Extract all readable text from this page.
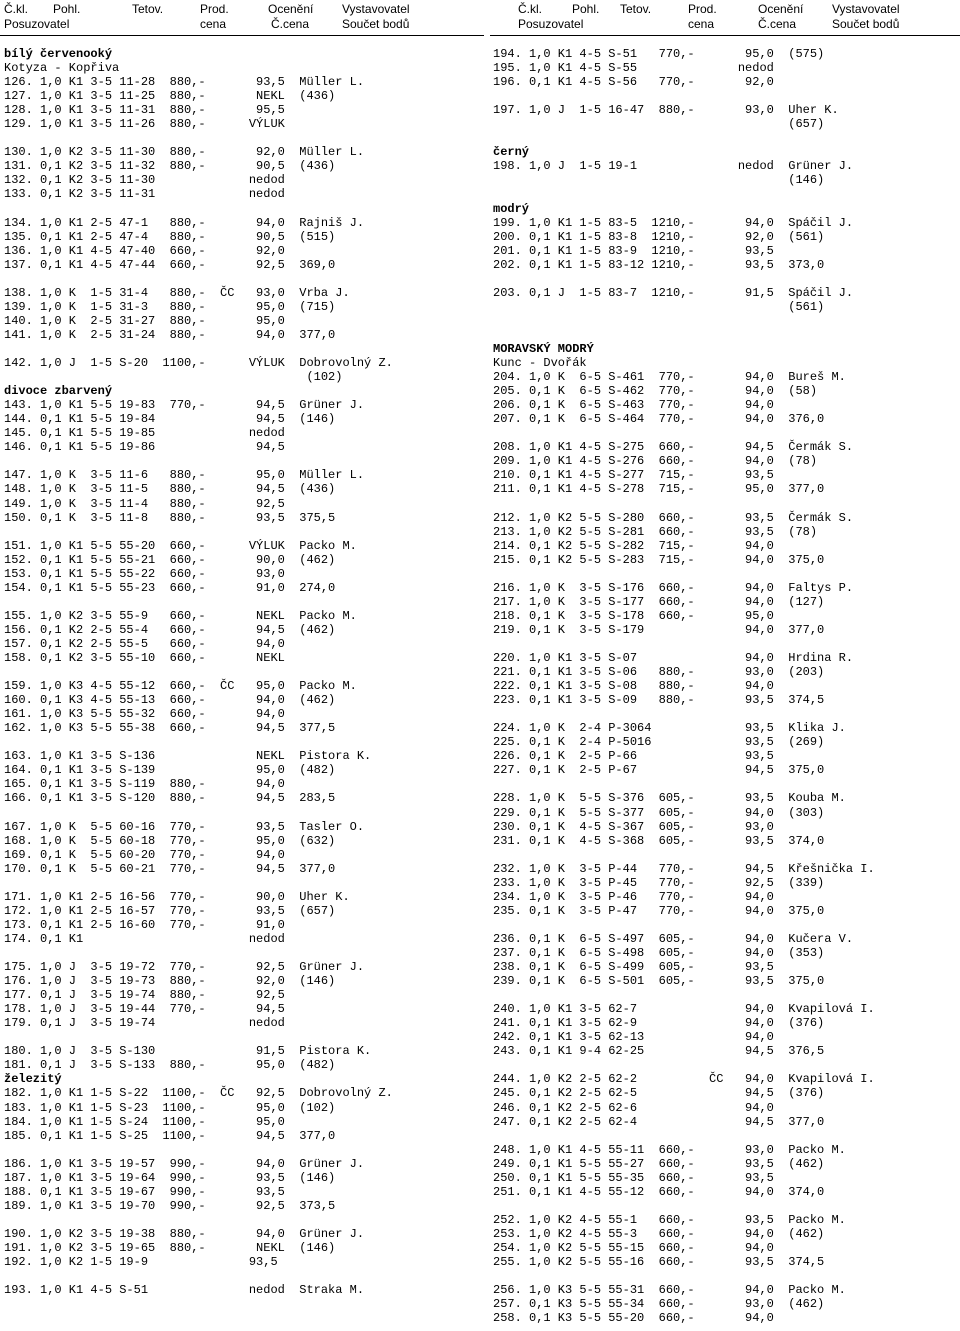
Č.kl. Pohl.	Tetov.	Prod.	Ocenění Vystavovatel
Posuzovatel	cena	Č.cena	Součet bodů
Č.kl.	Pohl. Tetov.	Prod.	Ocenění Vystavovatel
Posuzovatel	cena	Č.cena	Součet bodů
bílý červenooký
Kotyza - Kopřiva
126. 1,0 K1 3-5 11-28  880,-       93,5  Müller L.
127. 1,0 K1 3-5 11-25  880,-       NEKL  (436)
128. 1,0 K1 3-5 11-31  880,-       95,5
129. 1,0 K1 3-5 11-26  880,-      VÝLUK
130. 1,0 K2 3-5 11-30  880,-       92,0  Müller L.
131. 0,1 K2 3-5 11-32  880,-       90,5  (436)
132. 0,1 K2 3-5 11-30             nedod
133. 0,1 K2 3-5 11-31             nedod
134. 1,0 K1 2-5 47-1   880,-       94,0  Rajniš J.
135. 0,1 K1 2-5 47-4   880,-       90,5  (515)
136. 1,0 K1 4-5 47-40  660,-       92,0
137. 0,1 K1 4-5 47-44  660,-       92,5  369,0
138. 1,0 K  1-5 31-4   880,-  ČC   93,0  Vrba J.
139. 1,0 K  1-5 31-3   880,-       95,0  (715)
140. 1,0 K  2-5 31-27  880,-       95,0
141. 1,0 K  2-5 31-24  880,-       94,0  377,0
142. 1,0 J  1-5 S-20  1100,-      VÝLUK  Dobrovolný Z.
(102)
divoce zbarvený
143. 1,0 K1 5-5 19-83  770,-       94,5  Grüner J.
144. 0,1 K1 5-5 19-84              94,5  (146)
145. 0,1 K1 5-5 19-85             nedod
146. 0,1 K1 5-5 19-86              94,5
147. 1,0 K  3-5 11-6   880,-       95,0  Müller L.
148. 1,0 K  3-5 11-5   880,-       94,5  (436)
149. 1,0 K  3-5 11-4   880,-       92,5
150. 0,1 K  3-5 11-8   880,-       93,5  375,5
151. 1,0 K1 5-5 55-20  660,-      VÝLUK  Packo M.
152. 0,1 K1 5-5 55-21  660,-       90,0  (462)
153. 0,1 K1 5-5 55-22  660,-       93,0
154. 0,1 K1 5-5 55-23  660,-       91,0  274,0
155. 1,0 K2 3-5 55-9   660,-       NEKL  Packo M.
156. 0,1 K2 2-5 55-4   660,-       94,5  (462)
157. 0,1 K2 2-5 55-5   660,-       94,0
158. 0,1 K2 3-5 55-10  660,-       NEKL
159. 1,0 K3 4-5 55-12  660,-  ČC   95,0  Packo M.
160. 0,1 K3 4-5 55-13  660,-       94,0  (462)
161. 1,0 K3 5-5 55-32  660,-       94,0
162. 1,0 K3 5-5 55-38  660,-       94,5  377,5
163. 1,0 K1 3-5 S-136              NEKL  Pistora K.
164. 0,1 K1 3-5 S-139              95,0  (482)
165. 0,1 K1 3-5 S-119  880,-       94,0
166. 0,1 K1 3-5 S-120  880,-       94,5  283,5
167. 1,0 K  5-5 60-16  770,-       93,5  Tasler O.
168. 1,0 K  5-5 60-18  770,-       95,0  (632)
169. 0,1 K  5-5 60-20  770,-       94,0
170. 0,1 K  5-5 60-21  770,-       94,5  377,0
171. 1,0 K1 2-5 16-56  770,-       90,0  Uher K.
172. 1,0 K1 2-5 16-57  770,-       93,5  (657)
173. 0,1 K1 2-5 16-60  770,-       91,0
174. 0,1 K1                       nedod
175. 1,0 J  3-5 19-72  770,-       92,5  Grüner J.
176. 1,0 J  3-5 19-73  880,-       92,0  (146)
177. 0,1 J  3-5 19-74  880,-       92,5
178. 1,0 J  3-5 19-44  770,-       94,5
179. 0,1 J  3-5 19-74             nedod
180. 1,0 J  3-5 S-130              91,5  Pistora K.
181. 0,1 J  3-5 S-133  880,-       95,0  (482)
železitý
182. 1,0 K1 1-5 S-22  1100,-  ČC   92,5  Dobrovolný Z.
183. 1,0 K1 1-5 S-23  1100,-       95,0  (102)
184. 1,0 K1 1-5 S-24  1100,-       95,0
185. 0,1 K1 1-5 S-25  1100,-       94,5  377,0
186. 1,0 K1 3-5 19-57  990,-       94,0  Grüner J.
187. 1,0 K1 3-5 19-64  990,-       93,5  (146)
188. 0,1 K1 3-5 19-67  990,-       93,5
189. 1,0 K1 3-5 19-70  990,-       92,5  373,5
190. 1,0 K2 3-5 19-38  880,-       94,0  Grüner J.
191. 1,0 K2 3-5 19-65  880,-       NEKL  (146)
192. 1,0 K2 1-5 19-9              93,5
193. 1,0 K1 4-5 S-51              nedod  Straka M.
194. 1,0 K1 4-5 S-51   770,-       95,0  (575)
195. 1,0 K1 4-5 S-55              nedod
196. 0,1 K1 4-5 S-56   770,-       92,0
197. 1,0 J  1-5 16-47  880,-       93,0  Uher K.
(657)
černý
198. 1,0 J  1-5 19-1              nedod  Grüner J.
(146)
modrý
199. 1,0 K1 1-5 83-5  1210,-       94,0  Spáčil J.
200. 0,1 K1 1-5 83-8  1210,-       92,0  (561)
201. 0,1 K1 1-5 83-9  1210,-       93,5
202. 0,1 K1 1-5 83-12 1210,-       93,5  373,0
203. 0,1 J  1-5 83-7  1210,-       91,5  Spáčil J.
(561)
MORAVSKÝ MODRÝ
Kunc - Dvořák
204. 1,0 K  6-5 S-461  770,-       94,0  Bureš M.
205. 0,1 K  6-5 S-462  770,-       94,0  (58)
206. 0,1 K  6-5 S-463  770,-       94,0
207. 0,1 K  6-5 S-464  770,-       94,0  376,0
208. 1,0 K1 4-5 S-275  660,-       94,5  Čermák S.
209. 1,0 K1 4-5 S-276  660,-       94,0  (78)
210. 0,1 K1 4-5 S-277  715,-       93,5
211. 0,1 K1 4-5 S-278  715,-       95,0  377,0
212. 1,0 K2 5-5 S-280  660,-       93,5  Čermák S.
213. 1,0 K2 5-5 S-281  660,-       93,5  (78)
214. 0,1 K2 5-5 S-282  715,-       94,0
215. 0,1 K2 5-5 S-283  715,-       94,0  375,0
216. 1,0 K  3-5 S-176  660,-       94,0  Faltys P.
217. 1,0 K  3-5 S-177  660,-       94,0  (127)
218. 0,1 K  3-5 S-178  660,-       95,0
219. 0,1 K  3-5 S-179              94,0  377,0
220. 1,0 K1 3-5 S-07               94,0  Hrdina R.
221. 0,1 K1 3-5 S-06   880,-       93,0  (203)
222. 0,1 K1 3-5 S-08   880,-       94,0
223. 0,1 K1 3-5 S-09   880,-       93,5  374,5
224. 1,0 K  2-4 P-3064             93,5  Klika J.
225. 0,1 K  2-4 P-5016             93,5  (269)
226. 0,1 K  2-5 P-66               93,5
227. 0,1 K  2-5 P-67               94,5  375,0
228. 1,0 K  5-5 S-376  605,-       93,5  Kouba M.
229. 0,1 K  5-5 S-377  605,-       94,0  (303)
230. 0,1 K  4-5 S-367  605,-       93,0
231. 0,1 K  4-5 S-368  605,-       93,5  374,0
232. 1,0 K  3-5 P-44   770,-       94,5  Křešnička I.
233. 1,0 K  3-5 P-45   770,-       92,5  (339)
234. 1,0 K  3-5 P-46   770,-       94,0
235. 0,1 K  3-5 P-47   770,-       94,0  375,0
236. 0,1 K  6-5 S-497  605,-       94,0  Kučera V.
237. 0,1 K  6-5 S-498  605,-       94,0  (353)
238. 0,1 K  6-5 S-499  605,-       93,5
239. 0,1 K  6-5 S-501  605,-       93,5  375,0
240. 1,0 K1 3-5 62-7               94,0  Kvapilová I.
241. 0,1 K1 3-5 62-9               94,0  (376)
242. 0,1 K1 3-5 62-13              94,0
243. 0,1 K1 9-4 62-25              94,5  376,5
244. 1,0 K2 2-5 62-2          ČC   94,0  Kvapilová I.
245. 0,1 K2 2-5 62-5               94,5  (376)
246. 0,1 K2 2-5 62-6               94,0
247. 0,1 K2 2-5 62-4               94,5  377,0
248. 1,0 K1 4-5 55-11  660,-       93,0  Packo M.
249. 0,1 K1 5-5 55-27  660,-       93,5  (462)
250. 0,1 K1 5-5 55-35  660,-       93,5
251. 0,1 K1 4-5 55-12  660,-       94,0  374,0
252. 1,0 K2 4-5 55-1   660,-       93,5  Packo M.
253. 1,0 K2 4-5 55-3   660,-       94,0  (462)
254. 1,0 K2 5-5 55-15  660,-       94,0
255. 1,0 K2 5-5 55-16  660,-       93,5  374,5
256. 1,0 K3 5-5 55-31  660,-       94,0  Packo M.
257. 0,1 K3 5-5 55-34  660,-       93,0  (462)
258. 0,1 K3 5-5 55-20  660,-       94,0
